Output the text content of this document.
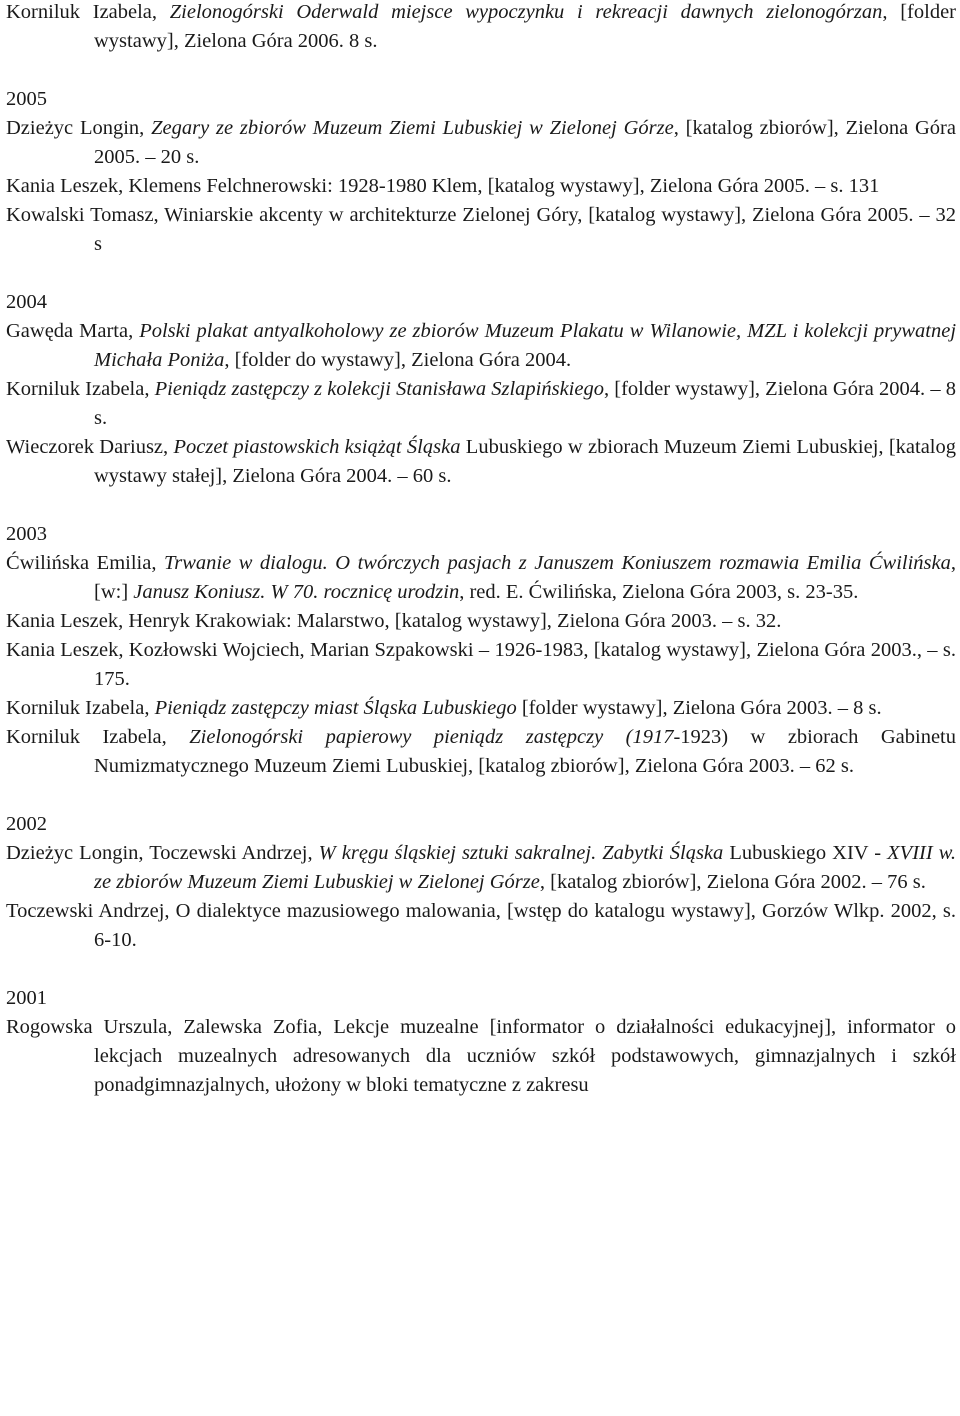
Korniluk Izabela, Zielonogórski Oderwald miejsce wypoczynku i rekreacji dawnych zielonogórzan, [folder wystawy], Zielona Góra 2006. 8 s.

2005

Dzieżyc Longin, Zegary ze zbiorów Muzeum Ziemi Lubuskiej w Zielonej Górze, [katalog zbiorów], Zielona Góra 2005. – 20 s.

Kania Leszek, Klemens Felchnerowski: 1928-1980 Klem, [katalog wystawy], Zielona Góra 2005. – s. 131

Kowalski Tomasz, Winiarskie akcenty w architekturze Zielonej Góry, [katalog wystawy], Zielona Góra 2005. – 32 s

2004

Gawęda Marta, Polski plakat antyalkoholowy ze zbiorów Muzeum Plakatu w Wilanowie, MZL i kolekcji prywatnej Michała Poniża, [folder do wystawy], Zielona Góra 2004.

Korniluk Izabela, Pieniądz zastępczy z kolekcji Stanisława Szlapińskiego, [folder wystawy], Zielona Góra 2004. – 8 s.

Wieczorek Dariusz, Poczet piastowskich książąt Śląska Lubuskiego w zbiorach Muzeum Ziemi Lubuskiej, [katalog wystawy stałej], Zielona Góra 2004. – 60 s.

2003

Ćwilińska Emilia, Trwanie w dialogu. O twórczych pasjach z Januszem Koniuszem rozmawia Emilia Ćwilińska, [w:] Janusz Koniusz. W 70. rocznicę urodzin, red. E. Ćwilińska, Zielona Góra 2003, s. 23-35.

Kania Leszek, Henryk Krakowiak: Malarstwo, [katalog wystawy], Zielona Góra 2003. – s. 32.

Kania Leszek, Kozłowski Wojciech, Marian Szpakowski – 1926-1983, [katalog wystawy], Zielona Góra 2003., – s. 175.

Korniluk Izabela, Pieniądz zastępczy miast Śląska Lubuskiego [folder wystawy], Zielona Góra 2003. – 8 s.

Korniluk Izabela, Zielonogórski papierowy pieniądz zastępczy (1917-1923) w zbiorach Gabinetu Numizmatycznego Muzeum Ziemi Lubuskiej, [katalog zbiorów], Zielona Góra 2003. – 62 s.

2002

Dzieżyc Longin, Toczewski Andrzej, W kręgu śląskiej sztuki sakralnej. Zabytki Śląska Lubuskiego XIV - XVIII w. ze zbiorów Muzeum Ziemi Lubuskiej w Zielonej Górze, [katalog zbiorów], Zielona Góra 2002. – 76 s.

Toczewski Andrzej, O dialektyce mazusiowego malowania, [wstęp do katalogu wystawy], Gorzów Wlkp. 2002, s. 6-10.

2001

Rogowska Urszula, Zalewska Zofia, Lekcje muzealne [informator o działalności edukacyjnej], informator o lekcjach muzealnych adresowanych dla uczniów szkół podstawowych, gimnazjalnych i szkół ponadgimnazjalnych, ułożony w bloki tematyczne z zakresu
